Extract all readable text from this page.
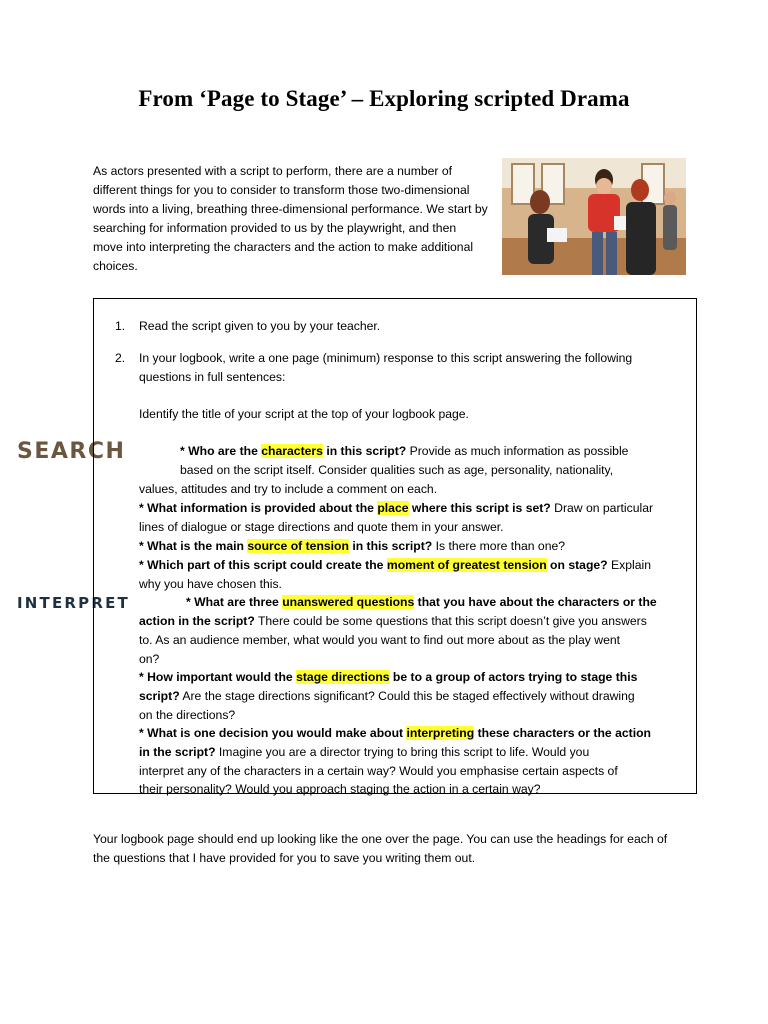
From ‘Page to Stage’ – Exploring scripted Drama
As actors presented with a script to perform, there are a number of different things for you to consider to transform those two-dimensional words into a living, breathing three-dimensional performance. We start by searching for information provided to us by the playwright, and then move into interpreting the characters and the action to make additional choices.
SEARCH
INTERPRET
1. Read the script given to you by your teacher.
2. In your logbook, write a one page (minimum) response to this script answering the following
questions in full sentences:
Identify the title of your script at the top of your logbook page.
* Who are the characters in this script? Provide as much information as possible
based on the script itself. Consider qualities such as age, personality, nationality,
values, attitudes and try to include a comment on each.
* What information is provided about the place where this script is set? Draw on particular
lines of dialogue or stage directions and quote them in your answer.
* What is the main source of tension in this script? Is there more than one?
* Which part of this script could create the moment of greatest tension on stage? Explain
why you have chosen this.
* What are three unanswered questions that you have about the characters or the
action in the script? There could be some questions that this script doesn’t give you answers
to. As an audience member, what would you want to find out more about as the play went
on?
* How important would the stage directions be to a group of actors trying to stage this
script? Are the stage directions significant? Could this be staged effectively without drawing
on the directions?
* What is one decision you would make about interpreting these characters or the action
in the script? Imagine you are a director trying to bring this script to life. Would you
interpret any of the characters in a certain way? Would you emphasise certain aspects of
their personality? Would you approach staging the action in a certain way?
Your logbook page should end up looking like the one over the page. You can use the headings for each of the questions that I have provided for you to save you writing them out.
